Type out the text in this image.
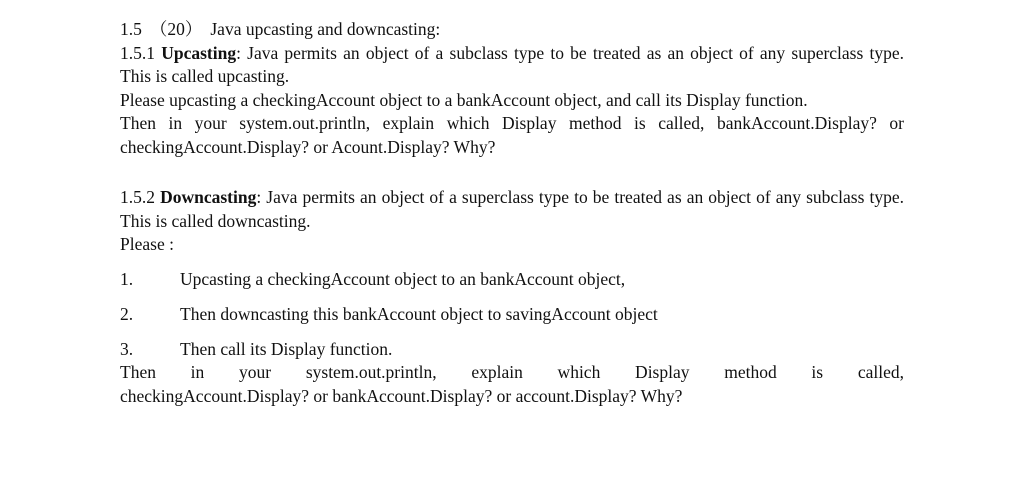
1.5 （20） Java upcasting and downcasting:
1.5.1 Upcasting: Java permits an object of a subclass type to be treated as an object of any superclass type. This is called upcasting.
Please upcasting a checkingAccount object to a bankAccount object, and call its Display function.
Then in your system.out.println, explain which Display method is called, bankAccount.Display? or checkingAccount.Display? or Acount.Display? Why?
1.5.2 Downcasting: Java permits an object of a superclass type to be treated as an object of any subclass type. This is called downcasting.
Please :
1.	Upcasting a checkingAccount object to an bankAccount object,
2.	Then downcasting this bankAccount object to savingAccount object
3.	Then call its Display function.
Then in your system.out.println, explain which Display method is called,
checkingAccount.Display? or bankAccount.Display? or account.Display? Why?
